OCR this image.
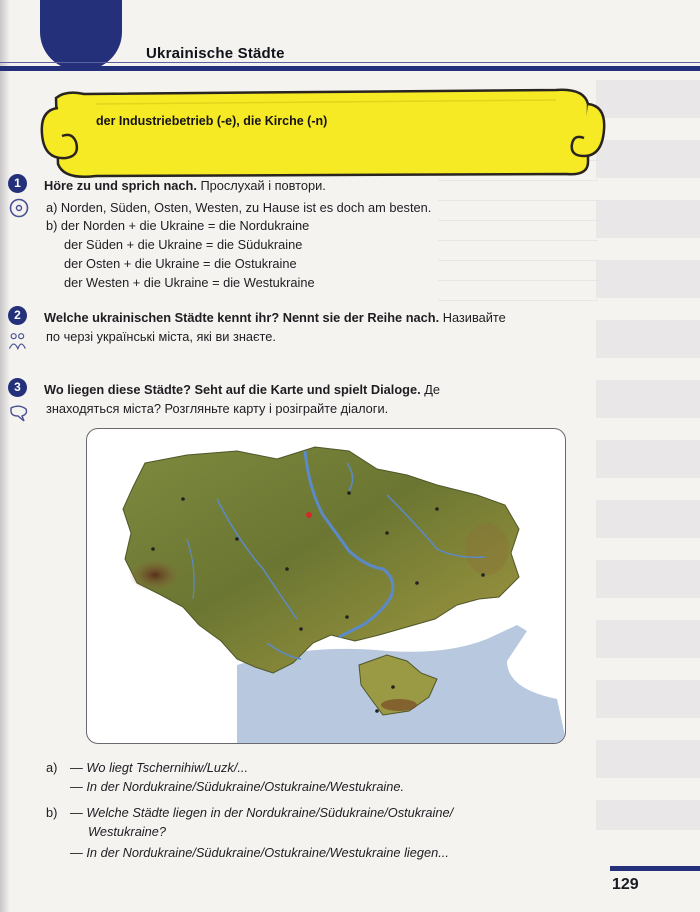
Ukrainische Städte
der Industriebetrieb (-e), die Kirche (-n)
1	Höre zu und sprich nach. Прослухай і повтори.
a) Norden, Süden, Osten, Westen, zu Hause ist es doch am besten.
b) der Norden + die Ukraine = die Nordukraine
der Süden + die Ukraine = die Südukraine
der Osten + die Ukraine = die Ostukraine
der Westen + die Ukraine = die Westukraine
2	Welche ukrainischen Städte kennt ihr? Nennt sie der Reihe nach. Називайте
по черзі українські міста, які ви знаєте.
3	Wo liegen diese Städte? Seht auf die Karte und spielt Dialoge. Де
знаходяться міста? Розгляньте карту і розіграйте діалоги.
a) — Wo liegt Tschernihiw/Luzk/...
— In der Nordukraine/Südukraine/Ostukraine/Westukraine.
b) — Welche Städte liegen in der Nordukraine/Südukraine/Ostukraine/
Westukraine?
— In der Nordukraine/Südukraine/Ostukraine/Westukraine liegen...
129
